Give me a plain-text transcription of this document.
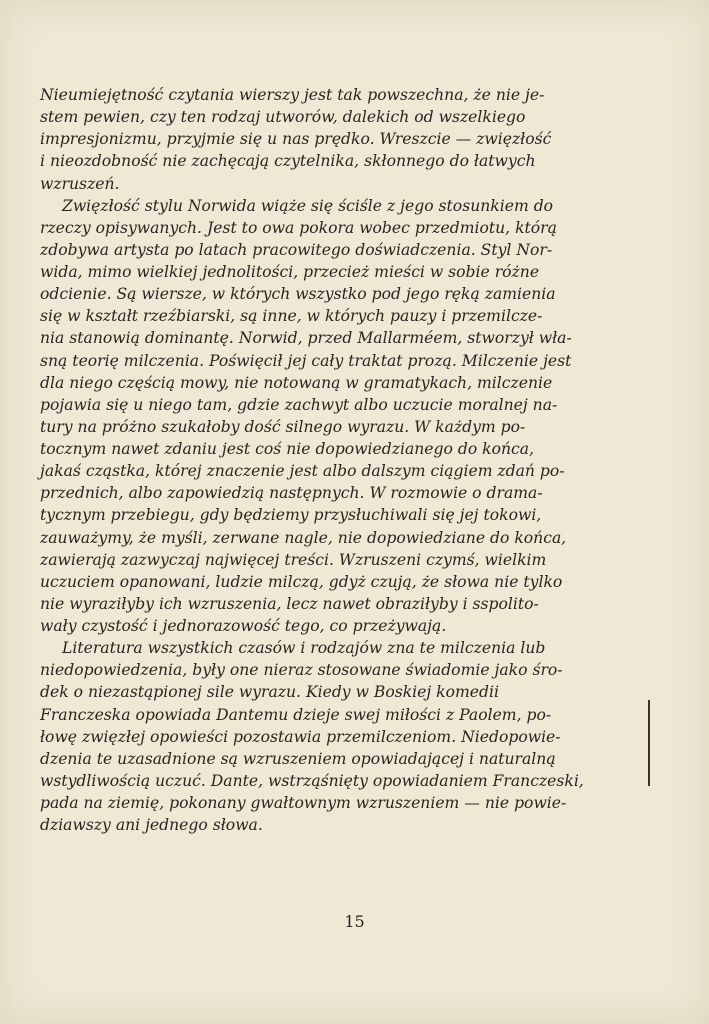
Nieumiejętność czytania wierszy jest tak powszechna, że nie je-
stem pewien, czy ten rodzaj utworów, dalekich od wszelkiego
impresjonizmu, przyjmie się u nas prędko. Wreszcie — zwięzłość
i nieozdobność nie zachęcają czytelnika, skłonnego do łatwych
wzruszeń.

Zwięzłość stylu Norwida wiąże się ściśle z jego stosunkiem do
rzeczy opisywanych. Jest to owa pokora wobec przedmiotu, którą
zdobywa artysta po latach pracowitego doświadczenia. Styl Nor-
wida, mimo wielkiej jednolitości, przecież mieści w sobie różne
odcienie. Są wiersze, w których wszystko pod jego ręką zamienia
się w kształt rzeźbiarski, są inne, w których pauzy i przemilcze-
nia stanowią dominantę. Norwid, przed Mallarméem, stworzył wła-
sną teorię milczenia. Poświęcił jej cały traktat prozą. Milczenie jest
dla niego częścią mowy, nie notowaną w gramatykach, milczenie
pojawia się u niego tam, gdzie zachwyt albo uczucie moralnej na-
tury na próżno szukałoby dość silnego wyrazu. W każdym po-
tocznym nawet zdaniu jest coś nie dopowiedzianego do końca,
jakaś cząstka, której znaczenie jest albo dalszym ciągiem zdań po-
przednich, albo zapowiedzią następnych. W rozmowie o drama-
tycznym przebiegu, gdy będziemy przysłuchiwali się jej tokowi,
zauważymy, że myśli, zerwane nagle, nie dopowiedziane do końca,
zawierają zazwyczaj najwięcej treści. Wzruszeni czymś, wielkim
uczuciem opanowani, ludzie milczą, gdyż czują, że słowa nie tylko
nie wyraziłyby ich wzruszenia, lecz nawet obraziłyby i sspolito-
wały czystość i jednorazowość tego, co przeżywają.

Literatura wszystkich czasów i rodzajów zna te milczenia lub
niedopowiedzenia, były one nieraz stosowane świadomie jako śro-
dek o niezastąpionej sile wyrazu. Kiedy w Boskiej komedii
Franczeska opowiada Dantemu dzieje swej miłości z Paolem, po-
łowę zwięzłej opowieści pozostawia przemilczeniom. Niedopowie-
dzenia te uzasadnione są wzruszeniem opowiadającej i naturalną
wstydliwością uczuć. Dante, wstrząśnięty opowiadaniem Franczeski,
pada na ziemię, pokonany gwałtownym wzruszeniem — nie powie-
dziawszy ani jednego słowa.

15
